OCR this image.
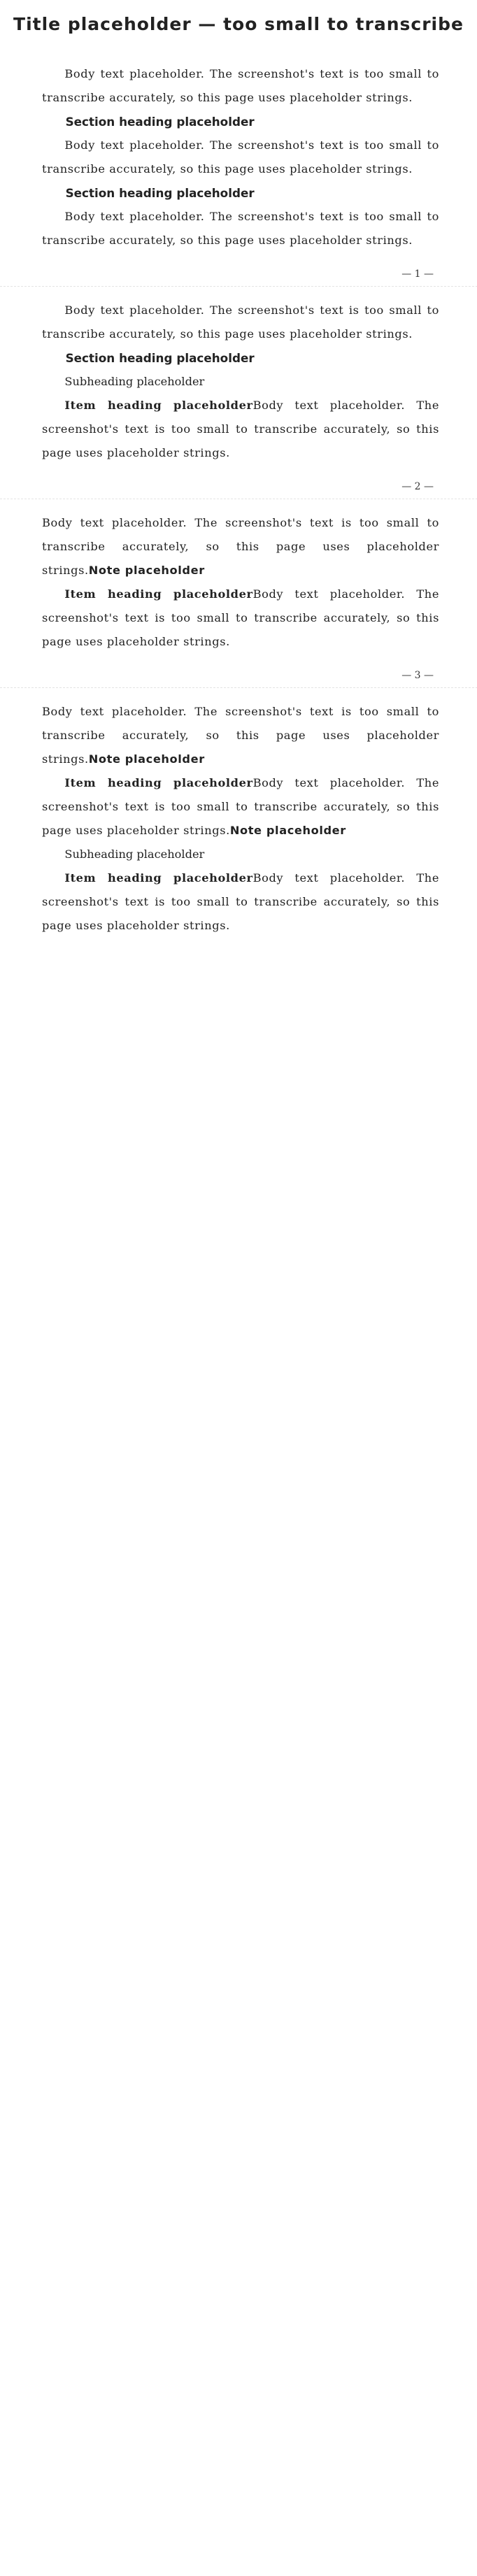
Title placeholder — too small to transcribe

Body text placeholder. The screenshot's text is too small to transcribe accurately, so this page uses placeholder strings.

Section heading placeholder

Body text placeholder. The screenshot's text is too small to transcribe accurately, so this page uses placeholder strings.

Section heading placeholder

Body text placeholder. The screenshot's text is too small to transcribe accurately, so this page uses placeholder strings.

— 1 —

Body text placeholder. The screenshot's text is too small to transcribe accurately, so this page uses placeholder strings.

Section heading placeholder

Subheading placeholder

Item heading placeholderBody text placeholder. The screenshot's text is too small to transcribe accurately, so this page uses placeholder strings.

— 2 —

Body text placeholder. The screenshot's text is too small to transcribe accurately, so this page uses placeholder strings.Note placeholder

Item heading placeholderBody text placeholder. The screenshot's text is too small to transcribe accurately, so this page uses placeholder strings.

— 3 —

Body text placeholder. The screenshot's text is too small to transcribe accurately, so this page uses placeholder strings.Note placeholder

Item heading placeholderBody text placeholder. The screenshot's text is too small to transcribe accurately, so this page uses placeholder strings.Note placeholder

Subheading placeholder

Item heading placeholderBody text placeholder. The screenshot's text is too small to transcribe accurately, so this page uses placeholder strings.
